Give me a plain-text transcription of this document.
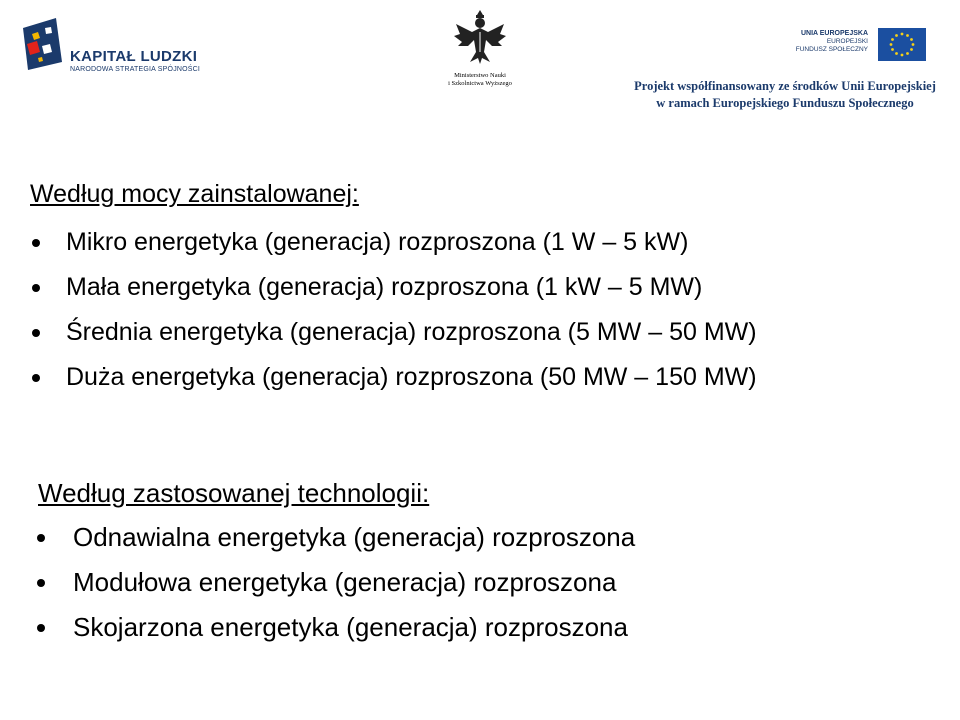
KAPITAŁ LUDZKI
NARODOWA STRATEGIA SPÓJNOŚCI
Ministerstwo Nauki
i Szkolnictwa Wyższego
UNIA EUROPEJSKA
EUROPEJSKI
FUNDUSZ SPOŁECZNY
Projekt współfinansowany ze środków Unii Europejskiej
w ramach Europejskiego Funduszu Społecznego
Według mocy zainstalowanej:
Mikro energetyka (generacja) rozproszona (1 W – 5 kW)
Mała energetyka (generacja) rozproszona (1 kW – 5 MW)
Średnia energetyka (generacja) rozproszona (5 MW – 50 MW)
Duża energetyka (generacja) rozproszona (50 MW – 150 MW)
Według zastosowanej technologii:
Odnawialna energetyka (generacja) rozproszona
Modułowa energetyka (generacja) rozproszona
Skojarzona energetyka (generacja) rozproszona
